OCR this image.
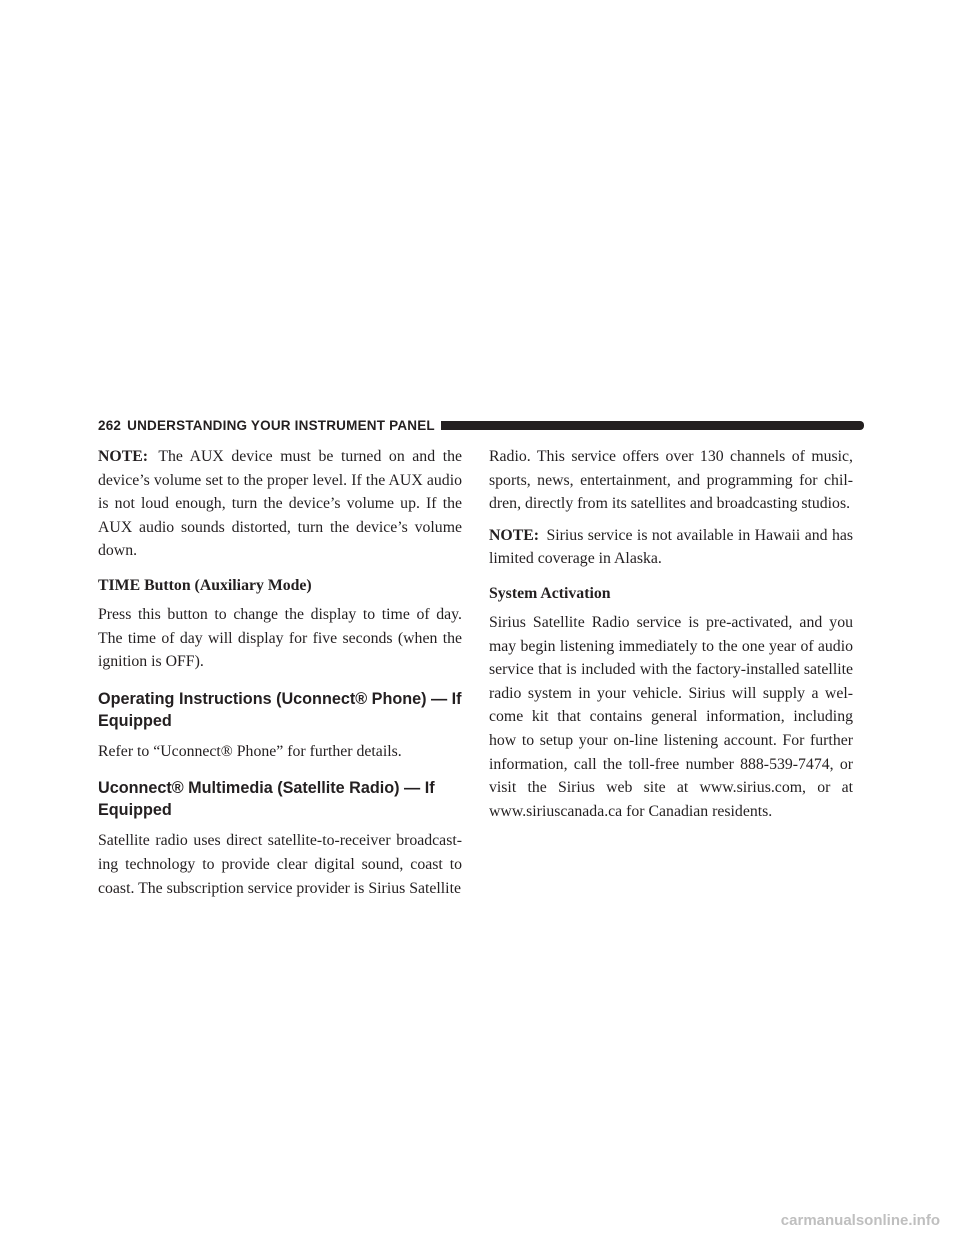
262 UNDERSTANDING YOUR INSTRUMENT PANEL

NOTE: The AUX device must be turned on and the device’s volume set to the proper level. If the AUX audio is not loud enough, turn the device’s volume up. If the AUX audio sounds distorted, turn the device’s volume down.

TIME Button (Auxiliary Mode)

Press this button to change the display to time of day. The time of day will display for five seconds (when the ignition is OFF).

Operating Instructions (Uconnect® Phone) — If Equipped

Refer to “Uconnect® Phone” for further details.

Uconnect® Multimedia (Satellite Radio) — If Equipped

Satellite radio uses direct satellite-to-receiver broadcast-ing technology to provide clear digital sound, coast to coast. The subscription service provider is Sirius Satellite

Radio. This service offers over 130 channels of music, sports, news, entertainment, and programming for chil-dren, directly from its satellites and broadcasting studios.

NOTE: Sirius service is not available in Hawaii and has limited coverage in Alaska.

System Activation

Sirius Satellite Radio service is pre-activated, and you may begin listening immediately to the one year of audio service that is included with the factory-installed satellite radio system in your vehicle. Sirius will supply a wel-come kit that contains general information, including how to setup your on-line listening account. For further information, call the toll-free number 888-539-7474, or visit the Sirius web site at www.sirius.com, or at www.siriuscanada.ca for Canadian residents.

carmanualsonline.info
